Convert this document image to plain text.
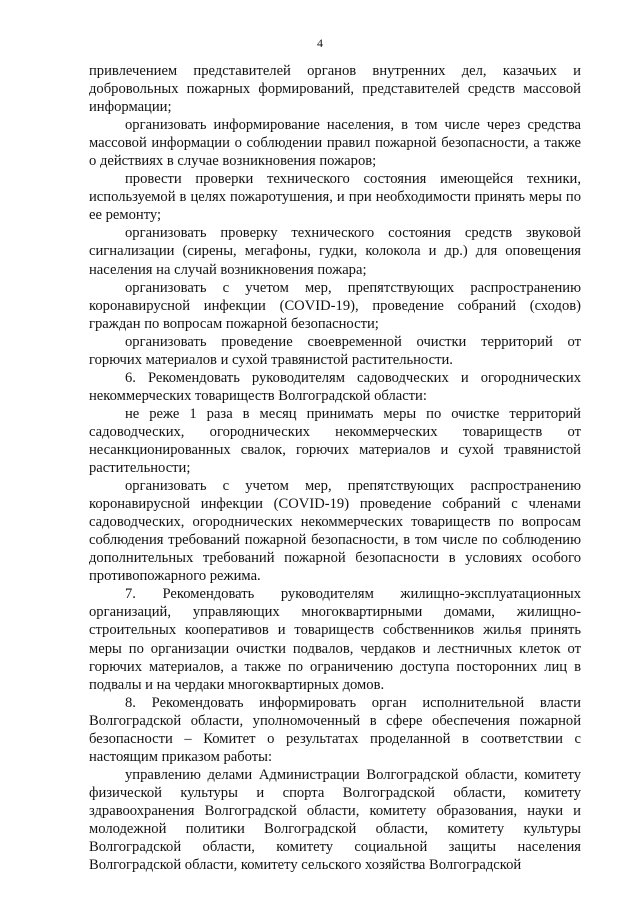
4

привлечением представителей органов внутренних дел, казачьих и добровольных пожарных формирований, представителей средств массовой информации;

организовать информирование населения, в том числе через средства массовой информации о соблюдении правил пожарной безопасности, а также о действиях в случае возникновения пожаров;

провести проверки технического состояния имеющейся техники, используемой в целях пожаротушения, и при необходимости принять меры по ее ремонту;

организовать проверку технического состояния средств звуковой сигнализации (сирены, мегафоны, гудки, колокола и др.) для оповещения населения на случай возникновения пожара;

организовать с учетом мер, препятствующих распространению коронавирусной инфекции (COVID-19), проведение собраний (сходов) граждан по вопросам пожарной безопасности;

организовать проведение своевременной очистки территорий от горючих материалов и сухой травянистой растительности.

6. Рекомендовать руководителям садоводческих и огороднических некоммерческих товариществ Волгоградской области:

не реже 1 раза в месяц принимать меры по очистке территорий садоводческих, огороднических некоммерческих товариществ от несанкционированных свалок, горючих материалов и сухой травянистой растительности;

организовать с учетом мер, препятствующих распространению коронавирусной инфекции (COVID-19) проведение собраний с членами садоводческих, огороднических некоммерческих товариществ по вопросам соблюдения требований пожарной безопасности, в том числе по соблюдению дополнительных требований пожарной безопасности в условиях особого противопожарного режима.

7. Рекомендовать руководителям жилищно-эксплуатационных организаций, управляющих многоквартирными домами, жилищно-строительных кооперативов и товариществ собственников жилья принять меры по организации очистки подвалов, чердаков и лестничных клеток от горючих материалов, а также по ограничению доступа посторонних лиц в подвалы и на чердаки многоквартирных домов.

8. Рекомендовать информировать орган исполнительной власти Волгоградской области, уполномоченный в сфере обеспечения пожарной безопасности – Комитет о результатах проделанной в соответствии с настоящим приказом работы:

управлению делами Администрации Волгоградской области, комитету физической культуры и спорта Волгоградской области, комитету здравоохранения Волгоградской области, комитету образования, науки и молодежной политики Волгоградской области, комитету культуры Волгоградской области, комитету социальной защиты населения Волгоградской области, комитету сельского хозяйства Волгоградской
